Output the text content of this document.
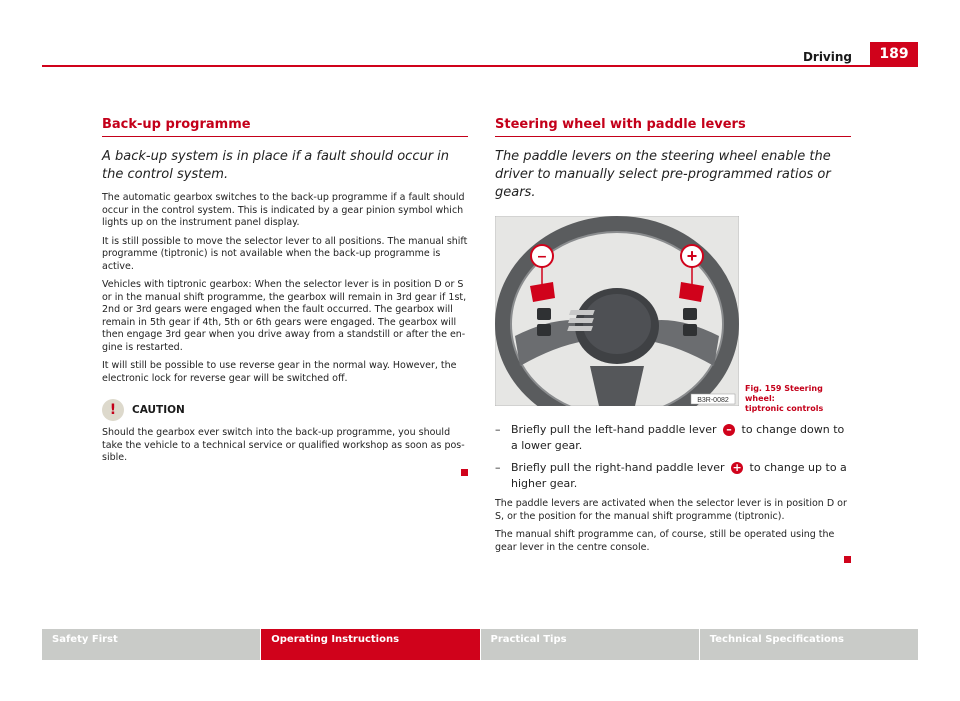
Driving	189
Back-up programme
A back-up system is in place if a fault should occur in the control system.

The automatic gearbox switches to the back-up programme if a fault should occur in the control system. This is indicated by a gear pinion symbol which lights up on the instrument panel display.

It is still possible to move the selector lever to all positions. The manual shift programme (tiptronic) is not available when the back-up programme is active.

Vehicles with tiptronic gearbox: When the selector lever is in position D or S or in the manual shift programme, the gearbox will remain in 3rd gear if 1st, 2nd or 3rd gears were engaged when the fault occurred. The gearbox will remain in 5th gear if 4th, 5th or 6th gears were engaged. The gearbox will then engage 3rd gear when you drive away from a standstill or after the en-gine is restarted.

It will still be possible to use reverse gear in the normal way. However, the electronic lock for reverse gear will be switched off.

!	CAUTION

Should the gearbox ever switch into the back-up programme, you should take the vehicle to a technical service or qualified workshop as soon as pos-sible.

Steering wheel with paddle levers
The paddle levers on the steering wheel enable the driver to manually select pre-programmed ratios or gears.
–	+
B3R-0082
Fig. 159 Steering wheel:
tiptronic controls
– Briefly pull the left-hand paddle lever – to change down to a lower gear.
– Briefly pull the right-hand paddle lever + to change up to a higher gear.

The paddle levers are activated when the selector lever is in position D or S, or the position for the manual shift programme (tiptronic).

The manual shift programme can, of course, still be operated using the gear lever in the centre console.

Safety First	Operating Instructions	Practical Tips	Technical Specifications
